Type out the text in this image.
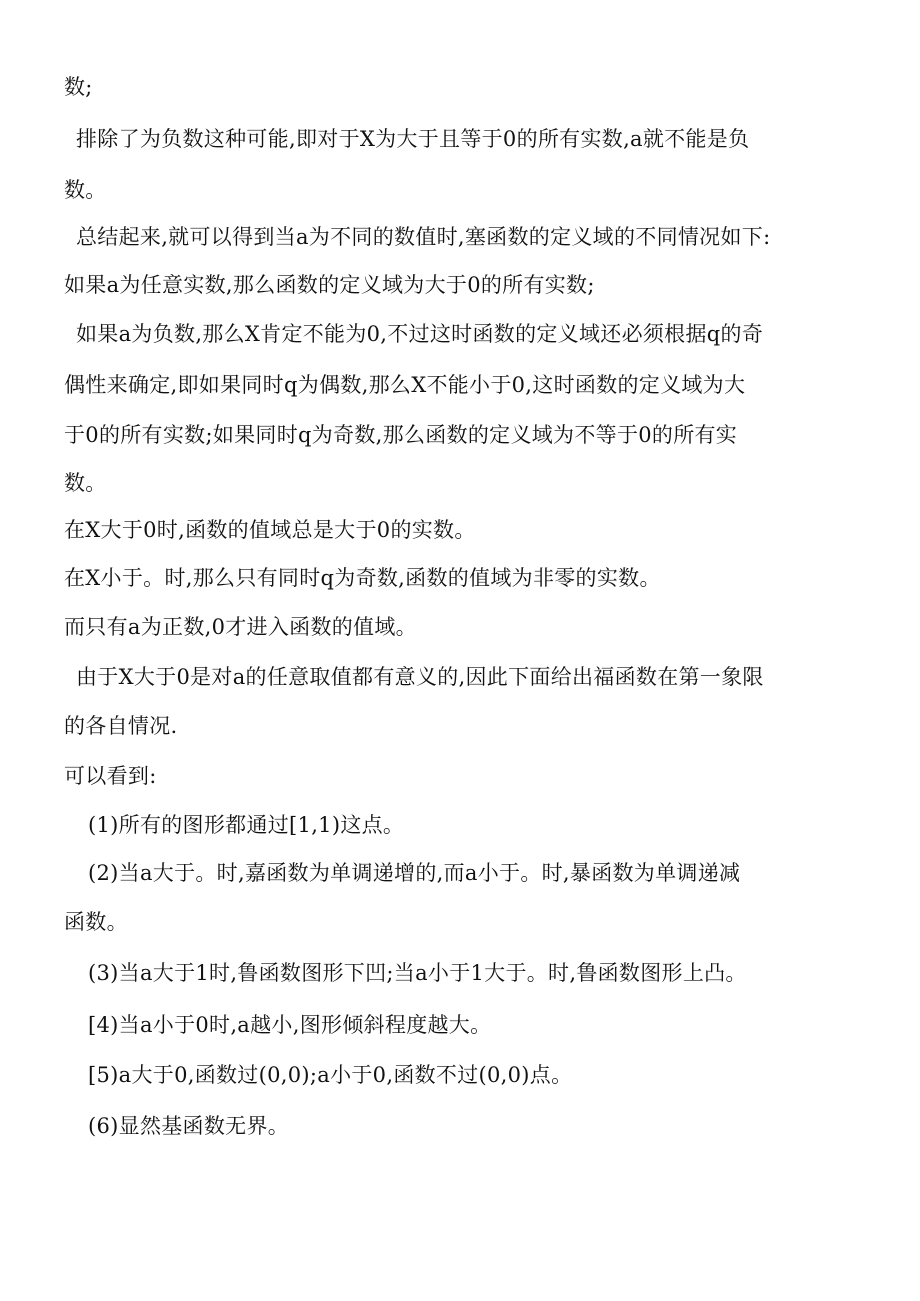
数;
排除了为负数这种可能,即对于X为大于且等于0的所有实数,a就不能是负
数。
总结起来,就可以得到当a为不同的数值时,塞函数的定义域的不同情况如下:
如果a为任意实数,那么函数的定义域为大于0的所有实数;
如果a为负数,那么X肯定不能为0,不过这时函数的定义域还必须根据q的奇
偶性来确定,即如果同时q为偶数,那么X不能小于0,这时函数的定义域为大
于0的所有实数;如果同时q为奇数,那么函数的定义域为不等于0的所有实
数。
在X大于0时,函数的值域总是大于0的实数。
在X小于。时,那么只有同时q为奇数,函数的值域为非零的实数。
而只有a为正数,0才进入函数的值域。
由于X大于0是对a的任意取值都有意义的,因此下面给出福函数在第一象限
的各自情况.
可以看到:
(1)所有的图形都通过[1,1)这点。
(2)当a大于。时,嘉函数为单调递增的,而a小于。时,暴函数为单调递减
函数。
(3)当a大于1时,鲁函数图形下凹;当a小于1大于。时,鲁函数图形上凸。
[4)当a小于0时,a越小,图形倾斜程度越大。
[5)a大于0,函数过(0,0);a小于0,函数不过(0,0)点。
(6)显然基函数无界。
